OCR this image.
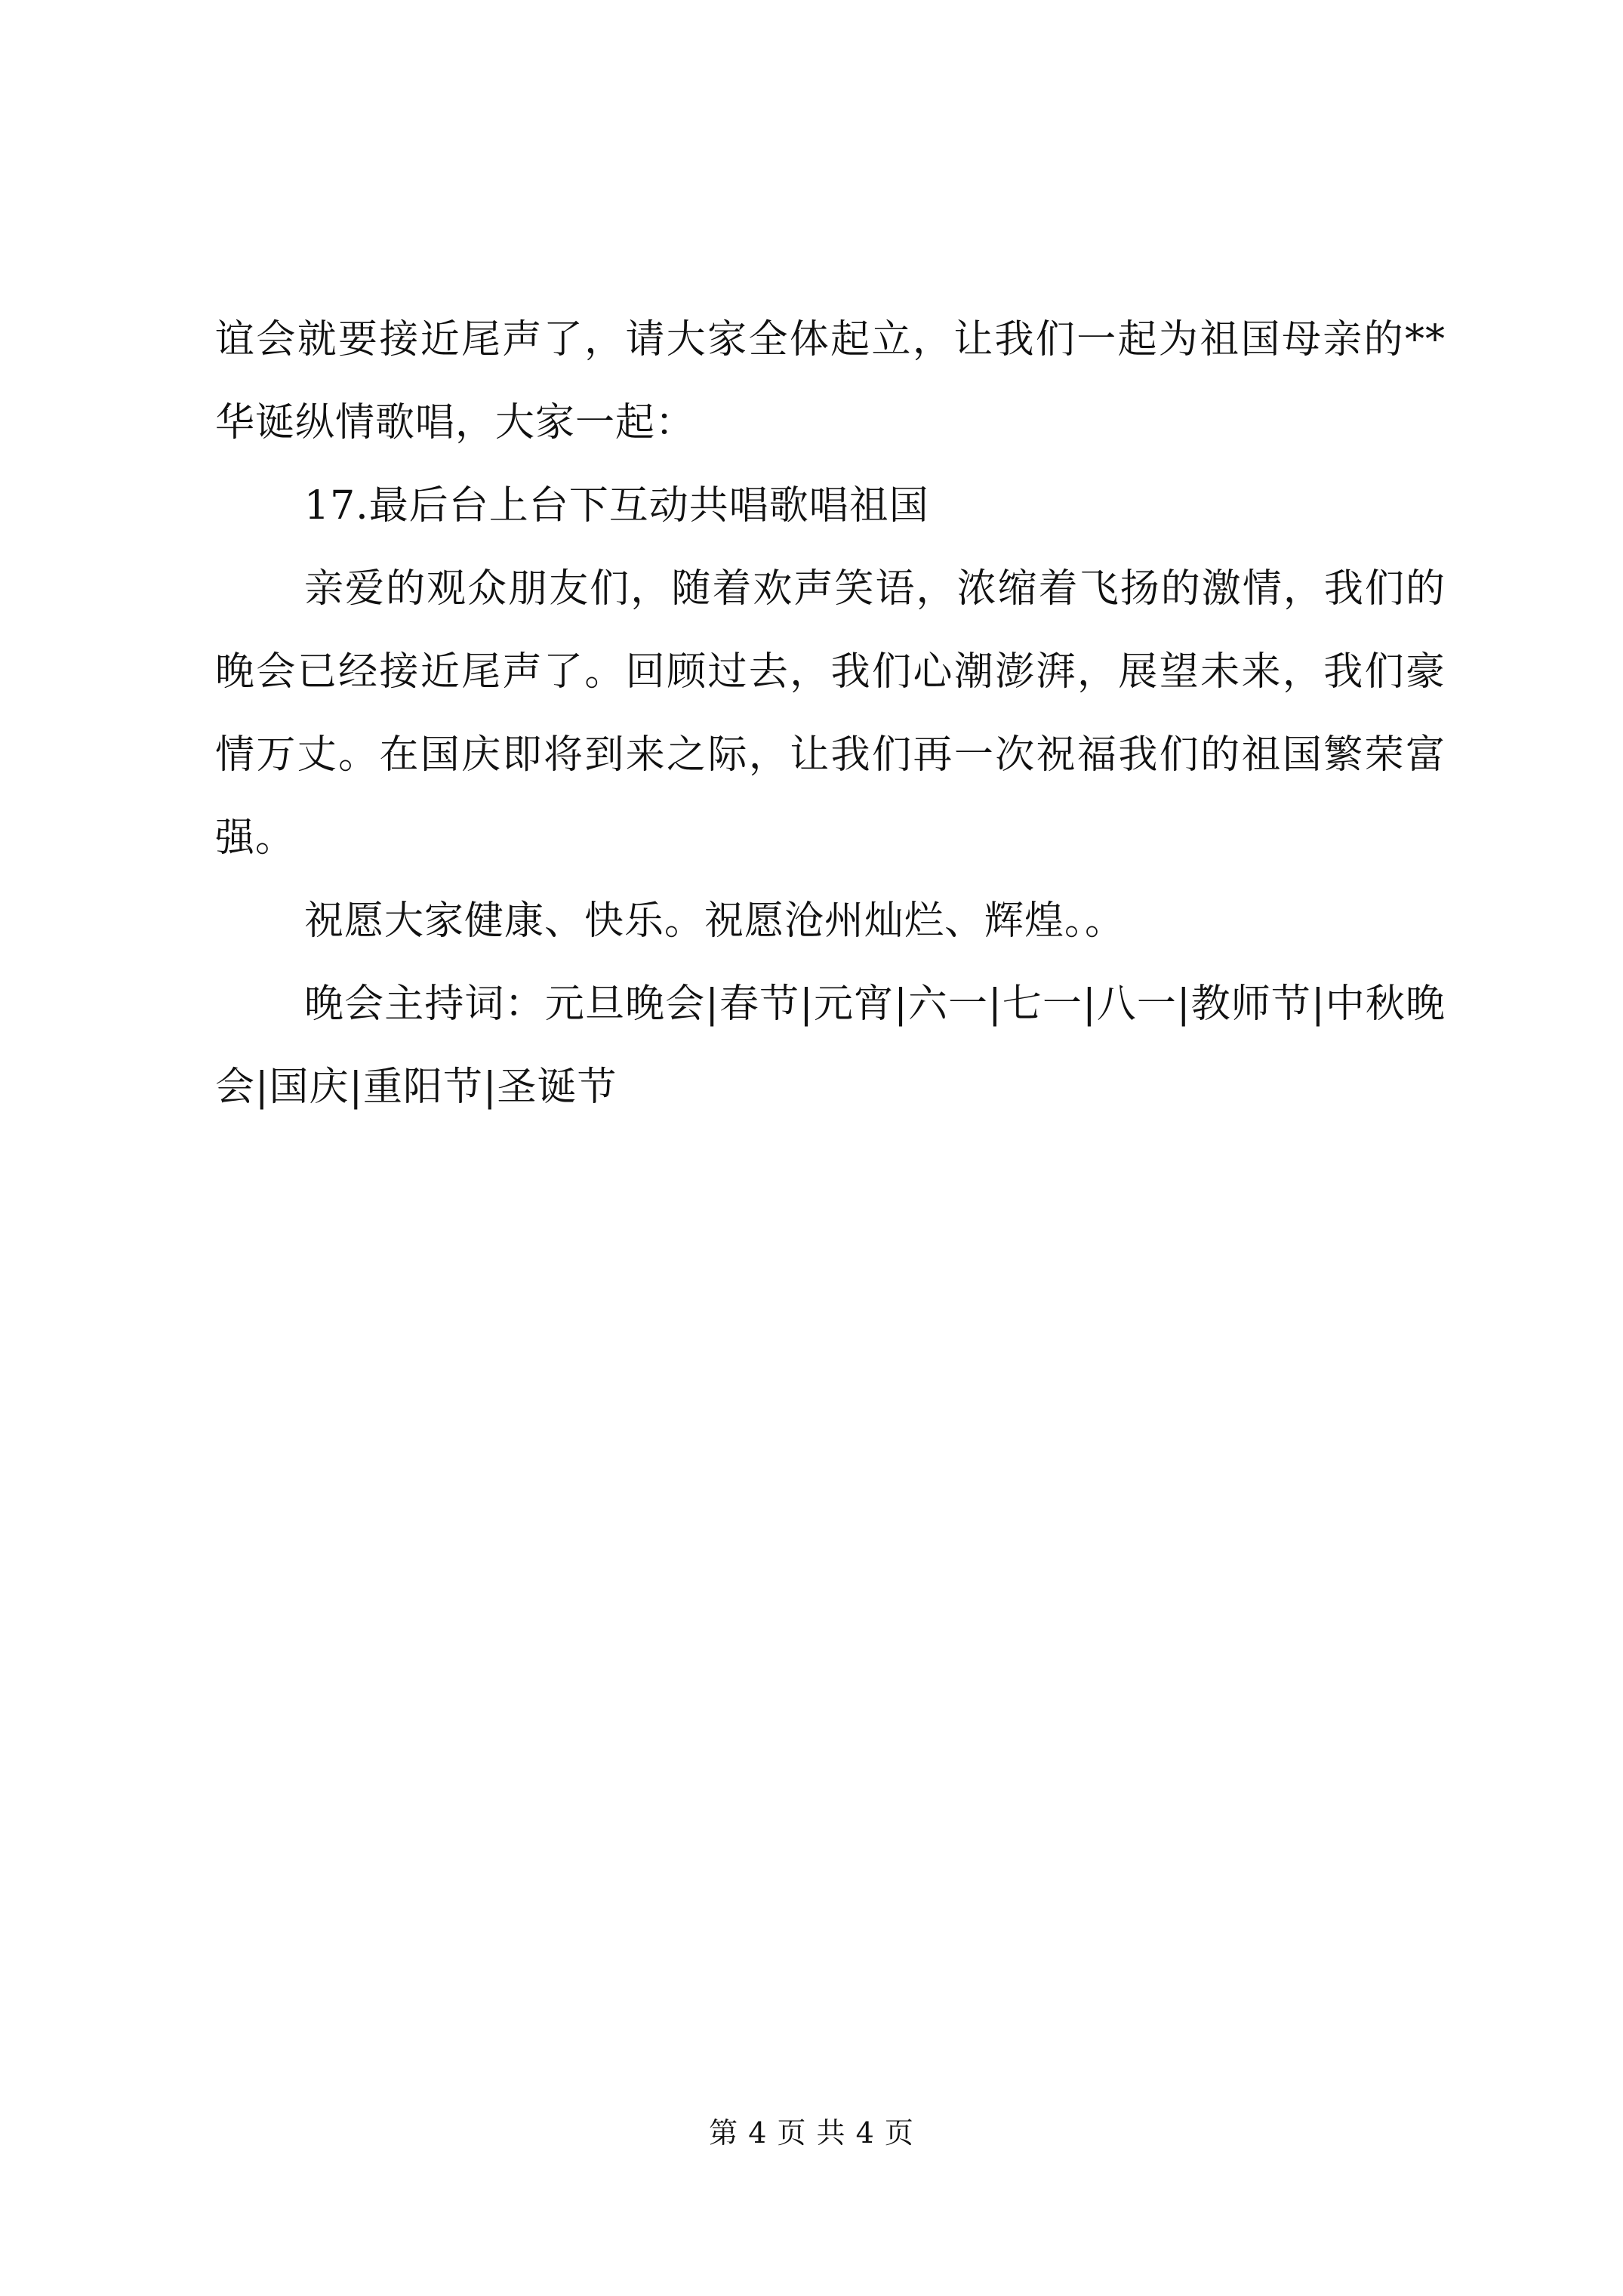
谊会就要接近尾声了，请大家全体起立，让我们一起为祖国母亲的**华诞纵情歌唱，大家一起：

17.最后台上台下互动共唱歌唱祖国

亲爱的观众朋友们，随着欢声笑语，浓缩着飞扬的激情，我们的晚会已经接近尾声了。回顾过去，我们心潮澎湃，展望未来，我们豪情万丈。在国庆即将到来之际，让我们再一次祝福我们的祖国繁荣富强。

祝愿大家健康、快乐。祝愿沧州灿烂、辉煌。。

晚会主持词：元旦晚会|春节|元宵|六一|七一|八一|教师节|中秋晚会|国庆|重阳节|圣诞节

第 4 页 共 4 页
